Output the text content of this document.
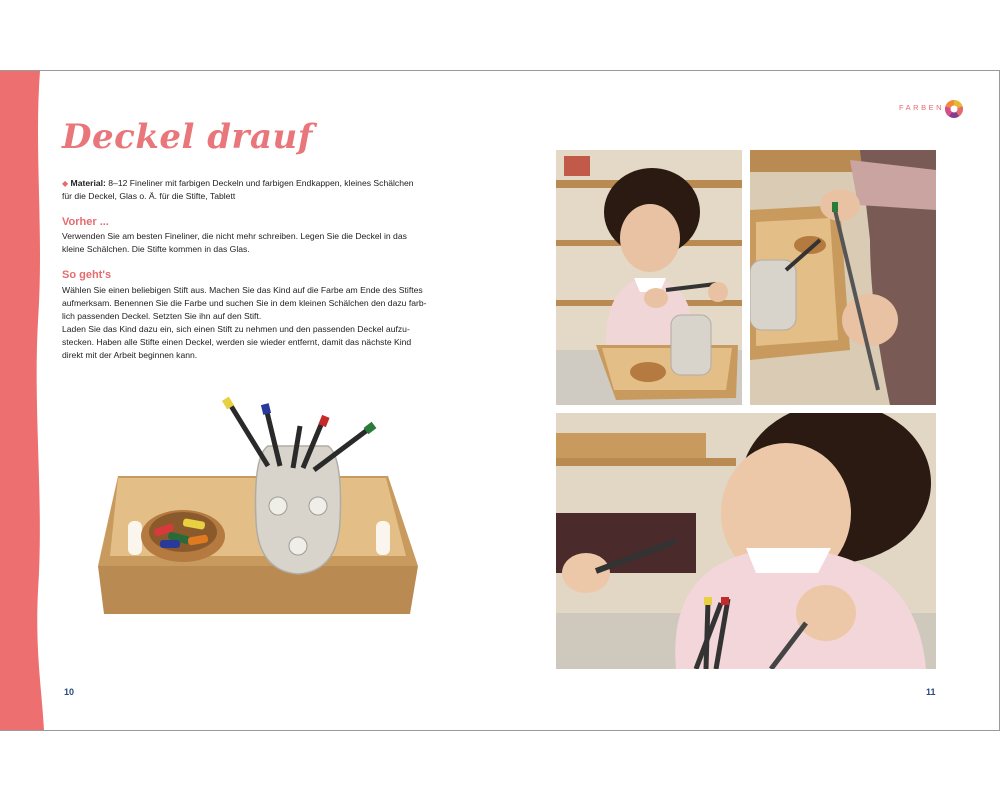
Deckel drauf
◆ Material: 8–12 Fineliner mit farbigen Deckeln und farbigen Endkappen, kleines Schälchen
für die Deckel, Glas o. Ä. für die Stifte, Tablett
Vorher ...
Verwenden Sie am besten Fineliner, die nicht mehr schreiben. Legen Sie die Deckel in das
kleine Schälchen. Die Stifte kommen in das Glas.
So geht's
Wählen Sie einen beliebigen Stift aus. Machen Sie das Kind auf die Farbe am Ende des Stiftes
aufmerksam. Benennen Sie die Farbe und suchen Sie in dem kleinen Schälchen den dazu farb-
lich passenden Deckel. Setzten Sie ihn auf den Stift.
Laden Sie das Kind dazu ein, sich einen Stift zu nehmen und den passenden Deckel aufzu-
stecken. Haben alle Stifte einen Deckel, werden sie wieder entfernt, damit das nächste Kind
direkt mit der Arbeit beginnen kann.
10
FARBEN
11
